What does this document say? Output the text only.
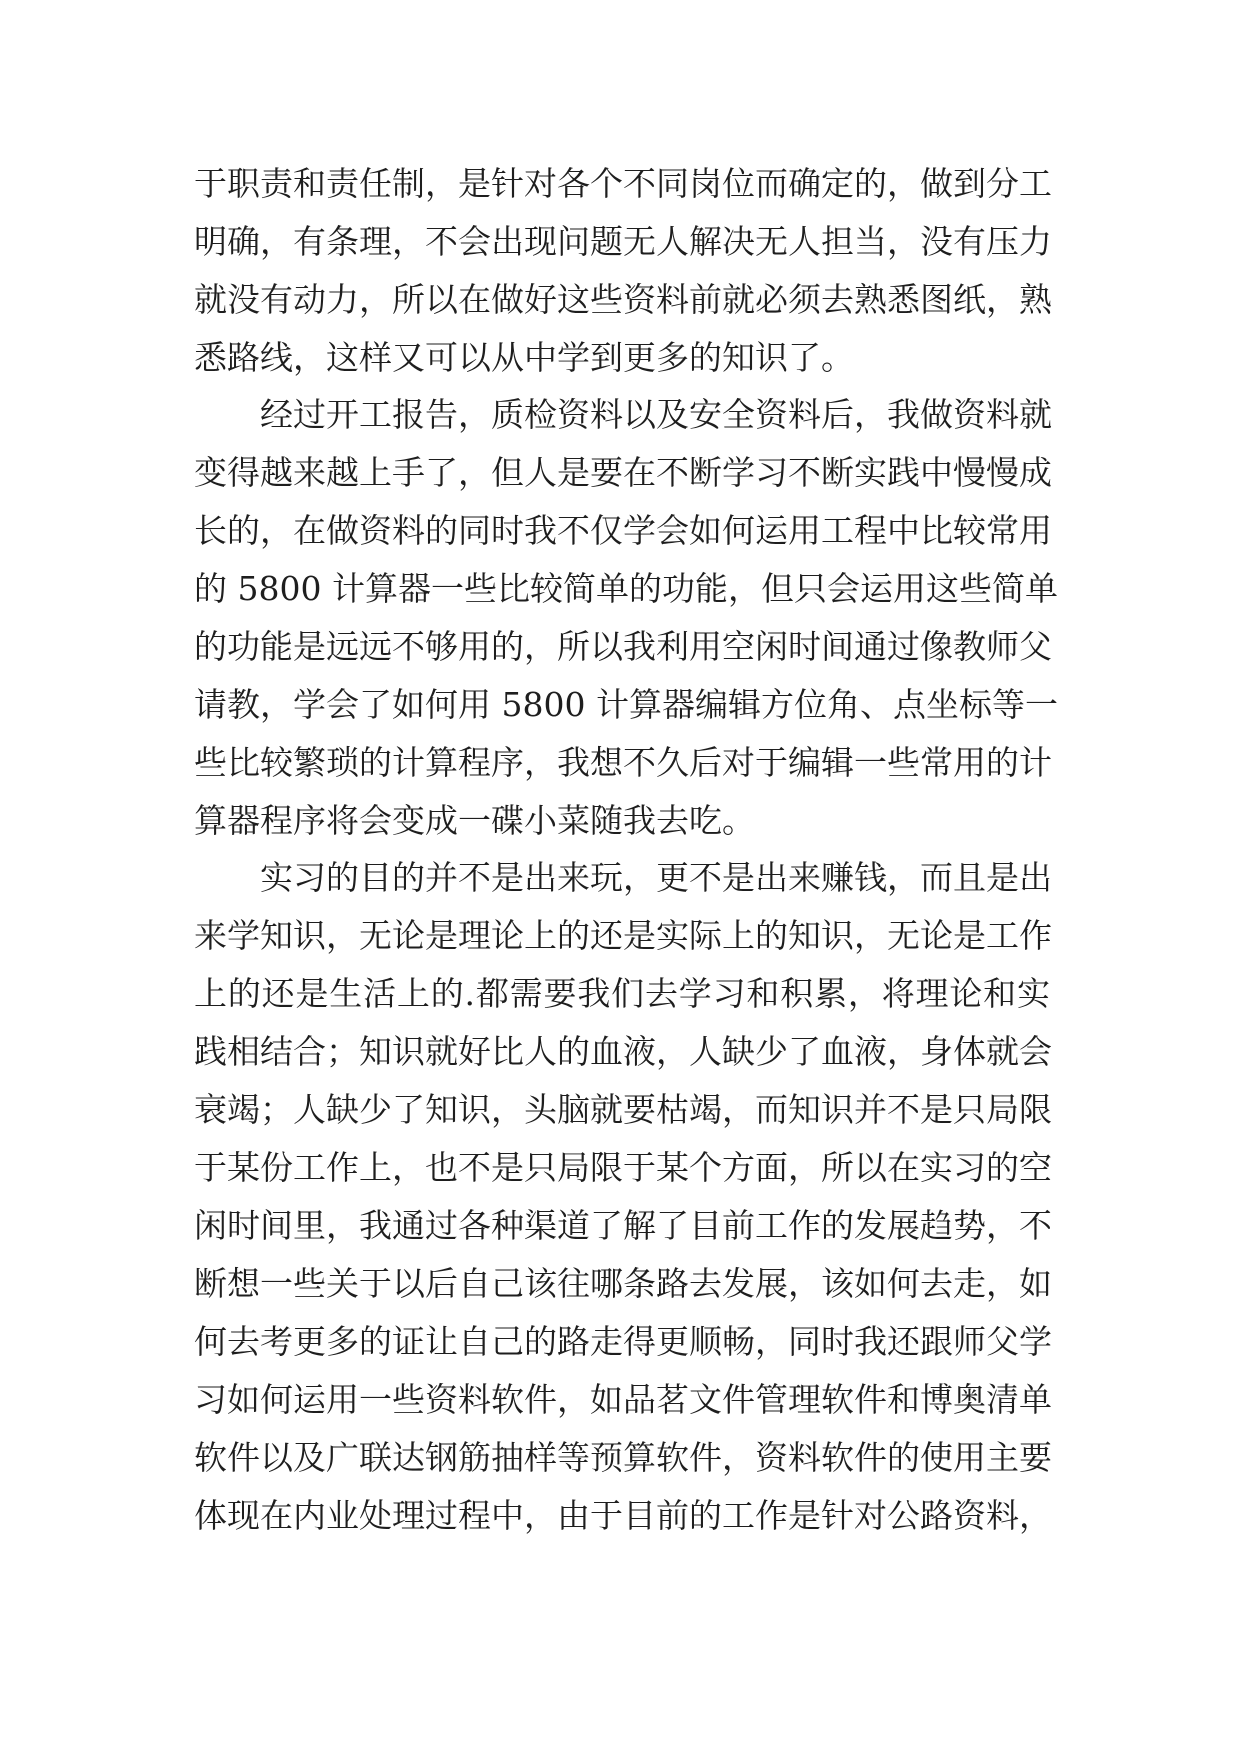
于职责和责任制，是针对各个不同岗位而确定的，做到分工
明确，有条理，不会出现问题无人解决无人担当，没有压力
就没有动力，所以在做好这些资料前就必须去熟悉图纸，熟
悉路线，这样又可以从中学到更多的知识了。
经过开工报告，质检资料以及安全资料后，我做资料就
变得越来越上手了，但人是要在不断学习不断实践中慢慢成
长的，在做资料的同时我不仅学会如何运用工程中比较常用
的 5800 计算器一些比较简单的功能，但只会运用这些简单
的功能是远远不够用的，所以我利用空闲时间通过像教师父
请教，学会了如何用 5800 计算器编辑方位角、点坐标等一
些比较繁琐的计算程序，我想不久后对于编辑一些常用的计
算器程序将会变成一碟小菜随我去吃。
实习的目的并不是出来玩，更不是出来赚钱，而且是出
来学知识，无论是理论上的还是实际上的知识，无论是工作
上的还是生活上的.都需要我们去学习和积累，将理论和实
践相结合；知识就好比人的血液，人缺少了血液，身体就会
衰竭；人缺少了知识，头脑就要枯竭，而知识并不是只局限
于某份工作上，也不是只局限于某个方面，所以在实习的空
闲时间里，我通过各种渠道了解了目前工作的发展趋势，不
断想一些关于以后自己该往哪条路去发展，该如何去走，如
何去考更多的证让自己的路走得更顺畅，同时我还跟师父学
习如何运用一些资料软件，如品茗文件管理软件和博奥清单
软件以及广联达钢筋抽样等预算软件，资料软件的使用主要
体现在内业处理过程中，由于目前的工作是针对公路资料，
